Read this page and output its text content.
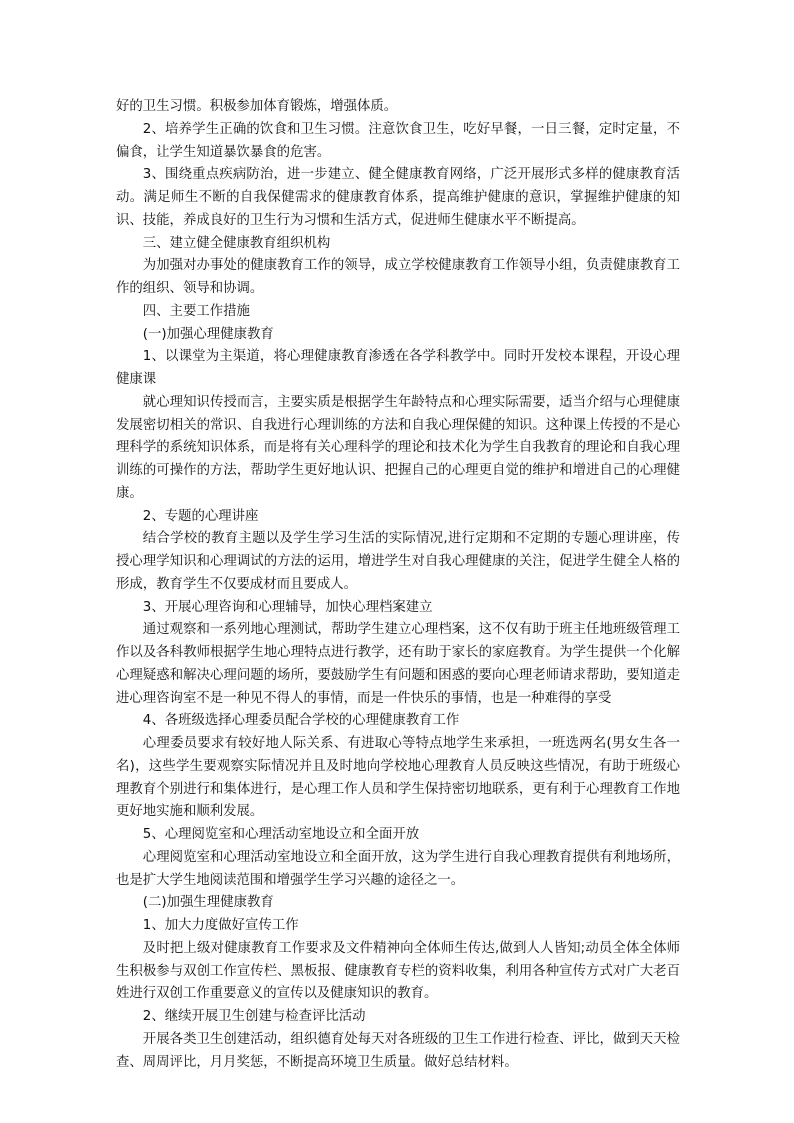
好的卫生习惯。积极参加体育锻炼，增强体质。

2、培养学生正确的饮食和卫生习惯。注意饮食卫生，吃好早餐，一日三餐，定时定量，不偏食，让学生知道暴饮暴食的危害。

3、围绕重点疾病防治，进一步建立、健全健康教育网络，广泛开展形式多样的健康教育活动。满足师生不断的自我保健需求的健康教育体系，提高维护健康的意识，掌握维护健康的知识、技能，养成良好的卫生行为习惯和生活方式，促进师生健康水平不断提高。

三、建立健全健康教育组织机构

为加强对办事处的健康教育工作的领导，成立学校健康教育工作领导小组，负责健康教育工作的组织、领导和协调。

四、主要工作措施

(一)加强心理健康教育

1、以课堂为主渠道，将心理健康教育渗透在各学科教学中。同时开发校本课程，开设心理健康课

就心理知识传授而言，主要实质是根据学生年龄特点和心理实际需要，适当介绍与心理健康发展密切相关的常识、自我进行心理训练的方法和自我心理保健的知识。这种课上传授的不是心理科学的系统知识体系，而是将有关心理科学的理论和技术化为学生自我教育的理论和自我心理训练的可操作的方法，帮助学生更好地认识、把握自己的心理更自觉的维护和增进自己的心理健康。

2、专题的心理讲座

结合学校的教育主题以及学生学习生活的实际情况,进行定期和不定期的专题心理讲座，传授心理学知识和心理调试的方法的运用，增进学生对自我心理健康的关注，促进学生健全人格的形成，教育学生不仅要成材而且要成人。

3、开展心理咨询和心理辅导，加快心理档案建立

通过观察和一系列地心理测试，帮助学生建立心理档案，这不仅有助于班主任地班级管理工作以及各科教师根据学生地心理特点进行教学，还有助于家长的家庭教育。为学生提供一个化解心理疑惑和解决心理问题的场所，要鼓励学生有问题和困惑的要向心理老师请求帮助，要知道走进心理咨询室不是一种见不得人的事情，而是一件快乐的事情，也是一种难得的享受

4、各班级选择心理委员配合学校的心理健康教育工作

心理委员要求有较好地人际关系、有进取心等特点地学生来承担，一班选两名(男女生各一名)，这些学生要观察实际情况并且及时地向学校地心理教育人员反映这些情况，有助于班级心理教育个别进行和集体进行，是心理工作人员和学生保持密切地联系，更有利于心理教育工作地更好地实施和顺利发展。

5、心理阅览室和心理活动室地设立和全面开放

心理阅览室和心理活动室地设立和全面开放，这为学生进行自我心理教育提供有利地场所，也是扩大学生地阅读范围和增强学生学习兴趣的途径之一。

(二)加强生理健康教育

1、加大力度做好宣传工作

及时把上级对健康教育工作要求及文件精神向全体师生传达,做到人人皆知;动员全体全体师生积极参与双创工作宣传栏、黑板报、健康教育专栏的资料收集，利用各种宣传方式对广大老百姓进行双创工作重要意义的宣传以及健康知识的教育。

2、继续开展卫生创建与检查评比活动

开展各类卫生创建活动，组织德育处每天对各班级的卫生工作进行检查、评比，做到天天检查、周周评比，月月奖惩，不断提高环境卫生质量。做好总结材料。
